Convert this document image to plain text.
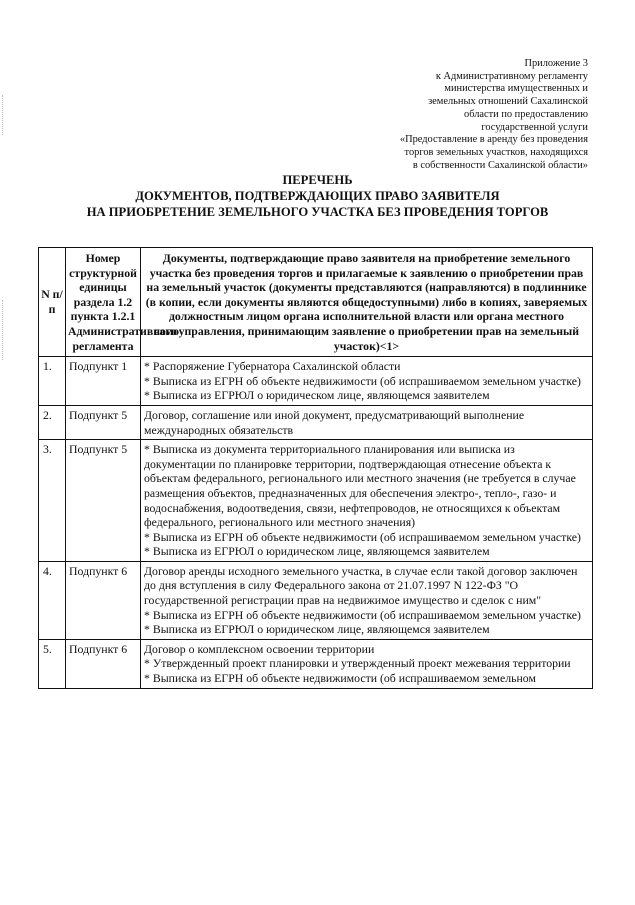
Приложение 3
к Административному регламенту
министерства имущественных и
земельных отношений Сахалинской
области по предоставлению
государственной услуги
«Предоставление в аренду без проведения
торгов земельных участков, находящихся
в собственности Сахалинской области»
ПЕРЕЧЕНЬ
ДОКУМЕНТОВ, ПОДТВЕРЖДАЮЩИХ ПРАВО ЗАЯВИТЕЛЯ
НА ПРИОБРЕТЕНИЕ ЗЕМЕЛЬНОГО УЧАСТКА БЕЗ ПРОВЕДЕНИЯ ТОРГОВ
N п/п	Номер структурной единицы раздела 1.2 пункта 1.2.1 Административного регламента	Документы, подтверждающие право заявителя на приобретение земельного участка без проведения торгов и прилагаемые к заявлению о приобретении прав на земельный участок (документы представляются (направляются) в подлиннике (в копии, если документы являются общедоступными) либо в копиях, заверяемых должностным лицом органа исполнительной власти или органа местного самоуправления, принимающим заявление о приобретении прав на земельный участок)<1>
1.	Подпункт 1	* Распоряжение Губернатора Сахалинской области
* Выписка из ЕГРН об объекте недвижимости (об испрашиваемом земельном участке)
* Выписка из ЕГРЮЛ о юридическом лице, являющемся заявителем

2.	Подпункт 5	Договор, соглашение или иной документ, предусматривающий выполнение международных обязательств

3.	Подпункт 5	* Выписка из документа территориального планирования или выписка из документации по планировке территории, подтверждающая отнесение объекта к объектам федерального, регионального или местного значения (не требуется в случае размещения объектов, предназначенных для обеспечения электро-, тепло-, газо- и водоснабжения, водоотведения, связи, нефтепроводов, не относящихся к объектам федерального, регионального или местного значения)
* Выписка из ЕГРН об объекте недвижимости (об испрашиваемом земельном участке)
* Выписка из ЕГРЮЛ о юридическом лице, являющемся заявителем

4.	Подпункт 6	Договор аренды исходного земельного участка, в случае если такой договор заключен до дня вступления в силу Федерального закона от 21.07.1997 N 122-ФЗ "О государственной регистрации прав на недвижимое имущество и сделок с ним"
* Выписка из ЕГРН об объекте недвижимости (об испрашиваемом земельном участке)
* Выписка из ЕГРЮЛ о юридическом лице, являющемся заявителем

5.	Подпункт 6	Договор о комплексном освоении территории
* Утвержденный проект планировки и утвержденный проект межевания территории
* Выписка из ЕГРН об объекте недвижимости (об испрашиваемом земельном
